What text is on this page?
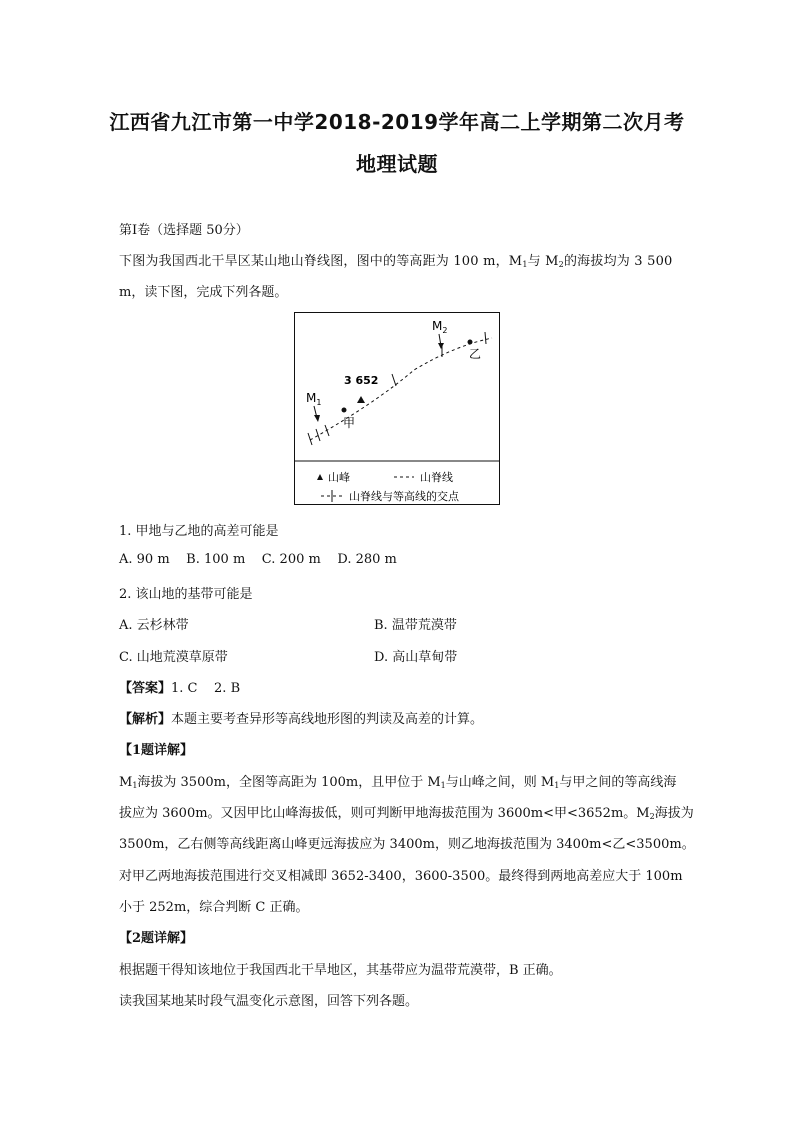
江西省九江市第一中学2018-2019学年高二上学期第二次月考
地理试题
第Ⅰ卷（选择题 50分）
下图为我国西北干旱区某山地山脊线图，图中的等高距为 100 m，$M_1$与 $M_2$的海拔均为 3 500
m，读下图，完成下列各题。
$M_2$
乙
3 652
甲
$M_1$
山峰	山脊线
山脊线与等高线的交点
1. 甲地与乙地的高差可能是
A. 90 m    B. 100 m    C. 200 m    D. 280 m
2. 该山地的基带可能是
A. 云杉林带	B. 温带荒漠带
C. 山地荒漠草原带	D. 高山草甸带
【答案】1. C    2. B
【解析】本题主要考查异形等高线地形图的判读及高差的计算。
【1题详解】
$M_1$海拔为 3500m，全图等高距为 100m，且甲位于 $M_1$与山峰之间，则 $M_1$与甲之间的等高线海
拔应为 3600m。又因甲比山峰海拔低，则可判断甲地海拔范围为 3600m<甲<3652m。$M_2$海拔为
3500m，乙右侧等高线距离山峰更远海拔应为 3400m，则乙地海拔范围为 3400m<乙<3500m。
对甲乙两地海拔范围进行交叉相减即 3652-3400，3600-3500。最终得到两地高差应大于 100m
小于 252m，综合判断 C 正确。
【2题详解】
根据题干得知该地位于我国西北干旱地区，其基带应为温带荒漠带，B 正确。
读我国某地某时段气温变化示意图，回答下列各题。
